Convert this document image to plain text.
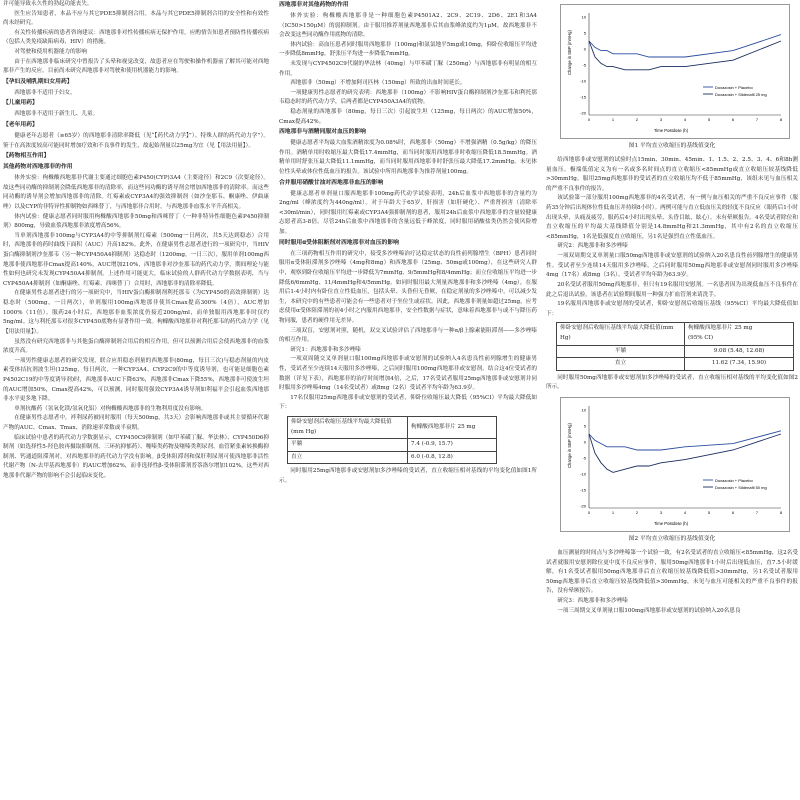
并可能导致永久性的勃起功能丧失。

医生应告知患者，本品不应与其它PDE5抑制剂合用。本品与其它PDE5抑制剂合用的安全性和有效性尚未经研究。

有关性传播疾病的患者咨询建议：西地那非对性传播疾病无保护作用，应酌情告知患者预防性传播疾病（包括人类免疫缺陷病毒，HIV）的措施。

对驾驶和使用机器能力的影响

由于在西地那非临床研究中曾报告了头晕和视觉改变，故患者应在驾驶和操作机器前了解其可能对西地那非产生的反应。目前尚未研究西地那非对驾驶和使用机器能力的影响。

【孕妇及哺乳期妇女用药】

西地那非不适用于妇女。

【儿童用药】

西地那非不适用于新生儿、儿童。

【老年用药】

健康老年志愿者（≥65岁）的西地那非清除率降低（见“【药代动力学】”）。特殊人群的药代动力学”）。鉴于在高浓度较高可能同时增加疗效和不良事件的发生，故起始剂量以25mg为宜（见【用法用量】）。

【药物相互作用】
其他药物对西地那非的作用

体外实验：枸橼酸西地那非代谢主要通过细胞色素P450(CYP)3A4（主要途径）和2C9（次要途径）。故这些同功酶的抑制剂会降低西地那非的清除率，而这些同功酶的诱导剂会增加西地那非的清除率。而这些同功酶的诱导剂会增加西地那非的清除。红霉素或CYP3A4的强效抑制剂（如沙奎那韦、酮康唑、伊曲康唑）以及CYP的非特异性抑制物如西咪替丁，与西地那非合用时，与西地那非血浆水平升高相关。

体内试验：健康志愿者同时服用枸橼酸西地那非50mg和西咪替丁（一种非特异性细胞色素P450抑制剂）800mg，导致血浆西地那非浓度增高56%。

当单剂西地那非100mg与CYP3A4的中等抑制剂红霉素（500mg一日两次，共5天达到稳态）合用时，西地那非的药时曲线下面积（AUC）升高182%。此外，在健康男性志愿者进行的一项研究中，当HIV蛋白酶抑制剂沙奎那韦（另一种CYP450A4抑制剂）达稳态时（1200mg，一日三次），服用单剂100mg西地那非使西地那非Cmax提高140%，AUC增加210%，西地那非对沙奎那韦的药代动力学，期间理论与能性如何也研究未发现CYP450A4抑制剂。上述作用可能更大，临床试验的人群药代动力学数据表明，当与CYP450A4抑制剂（如酮康唑、红霉素、西咪替丁）合用时，西地那非的清除率降低。

在健康男性志愿者进行的另一项研究中，当HIV蛋白酶抑制剂利托那韦（为CYP450的高效抑制剂）达稳态时（500mg，一日两次），单剂服用100mg西地那非使其Cmax提高300%（4倍），AUC增加1000%（11倍）。服药24小时后，西地那非血浆浓度仍接近200ng/ml，而单独服用西地那非时仅约5ng/ml。这与利托那韦对很多CYP450底物有显著作用一致。枸橼酸西地那非对利托那韦的药代动力学（见【用法用量】）。

虽然没有研究西地那非与其他蛋白酶抑制剂合用后的相互作用，但可以预测合用后会使西地那非的血浆浓度升高。

一项男性健康志愿者的研究发现，联合应用稳态剂量的西地那非(80mg，每日三次)与稳态剂量的内皮素受体拮抗剂波生坦(125mg，每日两次，一种CYP3A4、CYP2C9的中等度诱导剂，也可能是细胞色素P4502C19的中等度诱导剂)时，西地那非AUC下降63%，西地那非Cmax下降55%，西地那非可使波生坦的AUC增加50%，Cmax提高42%，可以预测，同时服用强效CYP3A4诱导剂如利福平会引起血浆西地那非水平更多地下降。

单剂抗酸药（氢氧化镁/氢氧化铝）对枸橼酸西地那非的生物利用度没有影响。

在健康男性志愿者中，袢利尿药被同时服用（每天500mg，共3天）会影响西地那非或其主要循环代谢产物的AUC、Cmax、Tmax、消除速率常数或半衰期。

临床试验中患者的药代动力学数据显示，CYP450C9抑制剂（如甲苯磺丁脲、华法林）、CYP450D6抑制剂（如选择性5-羟色胺再摄取抑制剂、三环抗抑郁药）、噻嗪类药物及噻嗪类利尿剂、血管紧张素转换酶抑制剂、钙通道阻滞剂对，对西地那非的药代动力学没有影响。β受体阻滞剂和保肝利尿剂可使西地那非活性代谢产物（N-去甲基西地那非）的AUC增加62%，而非选择性β-受体阻滞剂普萘洛尔增加102%，这些对西地那非代谢产物的影响不会引起临床变化。

西地那非对其他药物的作用

体外实验：枸橼酸西地那非是一种细胞色素P4501A2、2C9、2C19、2D6、2E1和3A4（IC50>150μM）的弱抑制剂。由于服用推荐剂量西地那非后其血浆峰浓度约为1μM，故西地那非不会改变这些同功酶作用底物的清除。

体内试验：高血压患者同时服用西地那非（100mg)和氨氯地平5mg或10mg，仰卧位收缩压平均进一步降低8mmHg，舒张压平均进一步降低7mmHg。

未发现与CYP4502C9代谢的华法林（40mg）与甲苯磺丁脲（250mg）与西地那非有明显的相互作用。

西地那非（50mg）不增加阿司匹林（150mg）所致的出血时间延长。

一项健康男性志愿者的研究表明：西地那非（100mg）不影响HIV蛋白酶抑制剂沙奎那韦和利托那韦稳态时的药代动力学，后两者都是CYP450A3A4的底物。

稳态剂量的西地那非（80mg，每日三次）引起波生坦（125mg，每日两次）的AUC增加50%，Cmax提高42%。

西地那非与酒精同服对血压的影响

健康志愿者平均最大血浆酒精浓度为0.08%时，西地那非（50mg）不增强酒精（0.5g/kg）的降压作用。酒精单用时收缩压最大降低17.4mmHg，而当同时服用西地那非时收缩压降低18.5mmHg。酒精单用时舒张压最大降低11.1mmHg，而当同时服用西地那非时舒张压最大降低17.2mmHg。未见体位性头晕或体位性低血压的报告。该试验中所用西地那非为推荐剂量100mg。

合并服用硝酸甘油对西地那非血压的影响

健康志愿者单剂量口服西地那非100mg药代动学试验表明，24h后血浆中西地那非的含量约为2ng/ml（峰浓度约为440ng/ml）。对于年龄大于65岁，肝损害（如肝硬化）、严重肾损害（清除率<30ml/min），同时服用红霉素或CYP3A4强抑制剂的患者，服用24h后血浆中西地那非的含量较健康志愿者高3-8倍。尽管24h后血浆中西地那非的含量远低于峰浓度，同时服用硝酸盐类仍然会使风险增加。

同时服用α受体阻断剂对西地那非对血压的影响

在三项药物相互作用的研究中，接受多沙唑嗪治疗达稳定状态的良性前列腺增生（BPH）患者同时服用α受体阻滞剂多沙唑嗪（4mg和8mg）和西地那非（25mg、50mg或100mg），在这些研究人群中，观察到卧位收缩压平均进一步降低为7mmHg、9/5mmHg和8/4mmHg；而立位收缩压平均进一步降低6/6mmHg、11/4mmHg和4/5mmHg。如同时服用最大剂量西地那非和多沙唑嗪（4mg），在服用后1-4小时内有卧位直立性低血压，包括头晕、头昏但无昏厥，在稳定剂量的多沙唑嗪中，可以减少发生，本研究中的有些患者可能会有一些患者对于坐位生或症状。因此，西地那非剂量如超过25mg，应考虑使用α受体阻滞剂的初4小时之内服用西地那非，安全性数据与症状，意味着西地那非与或不与降压药物同服，患者的硬件用无差异。

三项双盲，安慰剂对照，随机，双交叉试验评估了西地那非与一种α/β上腺素能阻滞剂——多沙唑嗪的相互作用。

研究1：西地那非和多沙唑嗪

一项双周随交叉单剂量口服100mg西地那非或安慰剂的试验纳入4名患良性前列腺增生的健康男性，受试者至少连续14天服用多沙唑嗪，之后同时服用100mg西地那非或安慰剂。结合这4位受试者的数据（详见下表），西地那非的治疗时间增加4倍，之后，17名受试者服用25mg西地那非或安慰剂并同时服用多沙唑嗪4mg（14名受试者）或8mg（2名）受试者平均年龄为63.9岁。

17名仅服用25mg西地那非或安慰剂的受试者，仰卧位收缩压最大降低（95%CI）平均最大降低如下：

仰卧安慰剂后收缩压基线平均最大降低值(mm Hg)	枸橼酸西地那非片 25 mg
平躺	7.4 (-0.9, 15.7)
直立	6.0 (-0.8, 12.8)

同时服用25mg西地那非或安慰剂加多沙唑嗪的受试者，直立收缩压相对基线的平均变化值如图1所示。

10
5
0
-5
-10
-15
-20
0	1	2	3	4	5	6	7	8
Change in SBP (mmHg)
Time Postdose (h)
Doxazosin + Placebo
Doxazosin + Sildenafil 25 mg

图1 平均直立收缩压的基线值变化

给西地那非或安慰剂的试验时点15min、30min、45min、1、1.5、2、2.5、3、4、6和8h测量血压。极端低值定义为有一名或多名时间点的直立收缩压<85mmHg或直立收缩压较基线降低>30mmHg。服用25mg西地那非的受试者的直立收缩压均不低于85mmHg，该组未见与血压相关的严重不良事件的报告。

该试验第一部分服用100mg西地那非的4名受试者，有一例与血压相关的严重不良反应事件（服药35分钟后出现体位性低血压并持续8小时）。两例可能与直立低血压关的轻度不良反应（眼药后1小时出现头晕，头痛及疲劳，服药后4小时出现头晕、头昏目眩、眩心）。未有晕厥报告。4名受试者除位和直立收缩压的平均最大基线降值分别是14.8mmHg和21.3mmHg，其中有2名的直立收缩压<85mmHg，1名是低强度直立收缩压，另1名是强烈直立性低血压。

研究2：西地那非和多沙唑嗪

一项双周期交叉单剂量口服50mg西地那非或安慰剂的试验纳入20名患良性前列腺增生的健康男性。受试者至少连续14天服用多沙唑嗪，之后同时服用50mg西地那非或安慰剂同时服用多沙唑嗪4mg（17名）或8mg（3名）。受试者平均年龄为63.9岁。

20名受试者服用50mg西地那非，但只有19名服用安慰剂。一名患者因为出现低血压不良事件在此之后退出试验，该患者在试验期间服用一种强力扩血管剂来请洗手。

19名服用西地那非或安慰剂的受试者，仰卧安慰剂后收缩压基线（95%CI）平均最大降低值如下：

仰卧安慰剂后收缩压基线平均最大降低值(mm Hg)	枸橼酸西地那非片 25 mg
(95% CI)
平躺	9.08 (5.48, 12.68)
直立	11.62 (7.34, 15.90)

同时服用50mg西地那非或安慰剂加多沙唑嗪的受试者，直立收缩压相对基线的平均变化值如图2所示。

10
5
0
-5
-10
-15
-20
0	1	2	3	4	5	6	7	8
Change in SBP (mmHg)
Time Postdose (h)
Doxazosin + Placebo
Doxazosin + Sildenafil 50 mg

图2 平均直立收缩压的基线值变化

血压测量的时间点与多沙唑嗪第一个试验一致，有2名受试者的直立收缩压<85mmHg，这2名受试者就服用安慰剂除位更中度不良反应事件，服用50mg西地那非1小时后出现低血压，直7.5小时缓解，有1名受试者服用50mg西地那非后直立收缩压较基线降低值>30mmHg，另1名受试者服用50mg西地那非后直立收缩压较基线降低值>30mmHg，未见与血压可能相关的严重不良事件的报告，没有晕厥报告。

研究3：西地那非和多沙唑嗪

一项三周期交叉单剂量口服100mg西地那非或安慰剂的试验纳入20名患良
